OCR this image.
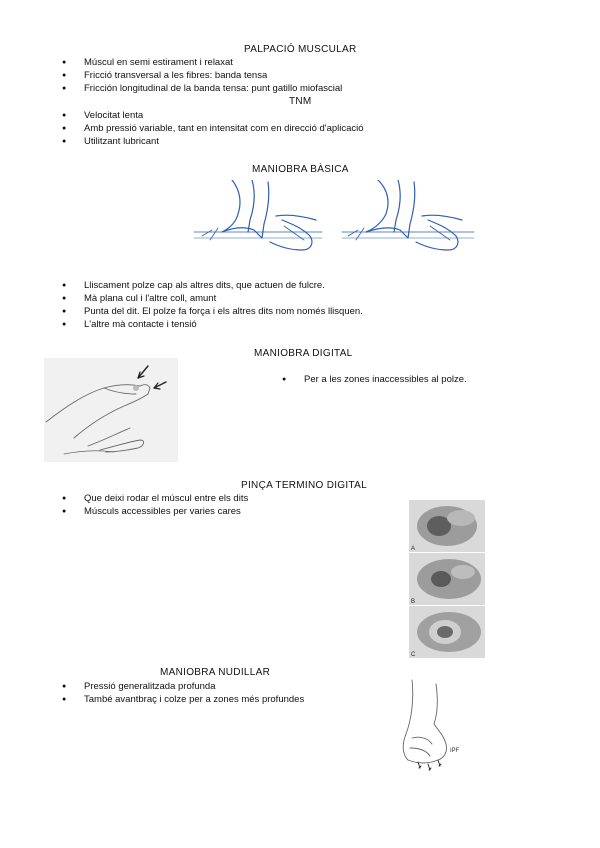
PALPACIÓ MUSCULAR
● Múscul en semi estirament i relaxat
● Fricció transversal a les fibres: banda tensa
● Fricción longitudinal de la banda tensa: punt gatillo miofascial
TNM
● Velocitat lenta
● Amb pressió variable, tant en intensitat com en direcció d'aplicació
● Utilitzant lubricant
MANIOBRA BÀSICA
● Lliscament polze cap als altres dits, que actuen de fulcre.
● Mà plana cul i l'altre coll, amunt
● Punta del dit. El polze fa força i els altres dits nom només llisquen.
● L'altre mà contacte i tensió
MANIOBRA DIGITAL
● Per a les zones inaccessibles al polze.
PINÇA TERMINO DIGITAL
● Que deixi rodar el múscul entre els dits
● Músculs accessibles per varies cares
A
B
C
MANIOBRA NUDILLAR
● Pressió generalitzada profunda
● També avantbraç i colze per a zones més profundes
IPF
